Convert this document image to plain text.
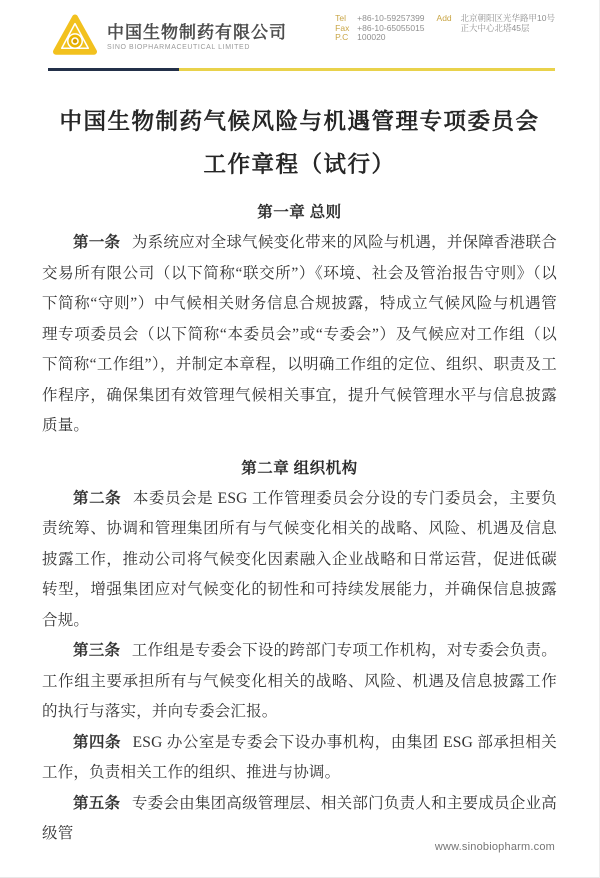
中国生物制药有限公司
SINO BIOPHARMACEUTICAL LIMITED
Tel	+86-10-59257399
Fax +86-10-65055015
P.C	100020
Add	北京朝阳区光华路甲10号
正大中心北塔45层
中国生物制药气候风险与机遇管理专项委员会
工作章程（试行）
第一章 总则

第一条 为系统应对全球气候变化带来的风险与机遇，并保障香港联合交易所有限公司（以下简称“联交所”）《环境、社会及管治报告守则》（以下简称“守则”）中气候相关财务信息合规披露，特成立气候风险与机遇管理专项委员会（以下简称“本委员会”或“专委会”）及气候应对工作组（以下简称“工作组”），并制定本章程，以明确工作组的定位、组织、职责及工作程序，确保集团有效管理气候相关事宜，提升气候管理水平与信息披露质量。

第二章 组织机构

第二条 本委员会是 ESG 工作管理委员会分设的专门委员会，主要负责统筹、协调和管理集团所有与气候变化相关的战略、风险、机遇及信息披露工作，推动公司将气候变化因素融入企业战略和日常运营，促进低碳转型，增强集团应对气候变化的韧性和可持续发展能力，并确保信息披露合规。

第三条 工作组是专委会下设的跨部门专项工作机构，对专委会负责。工作组主要承担所有与气候变化相关的战略、风险、机遇及信息披露工作的执行与落实，并向专委会汇报。

第四条 ESG 办公室是专委会下设办事机构，由集团 ESG 部承担相关工作，负责相关工作的组织、推进与协调。

第五条 专委会由集团高级管理层、相关部门负责人和主要成员企业高级管

www.sinobiopharm.com
